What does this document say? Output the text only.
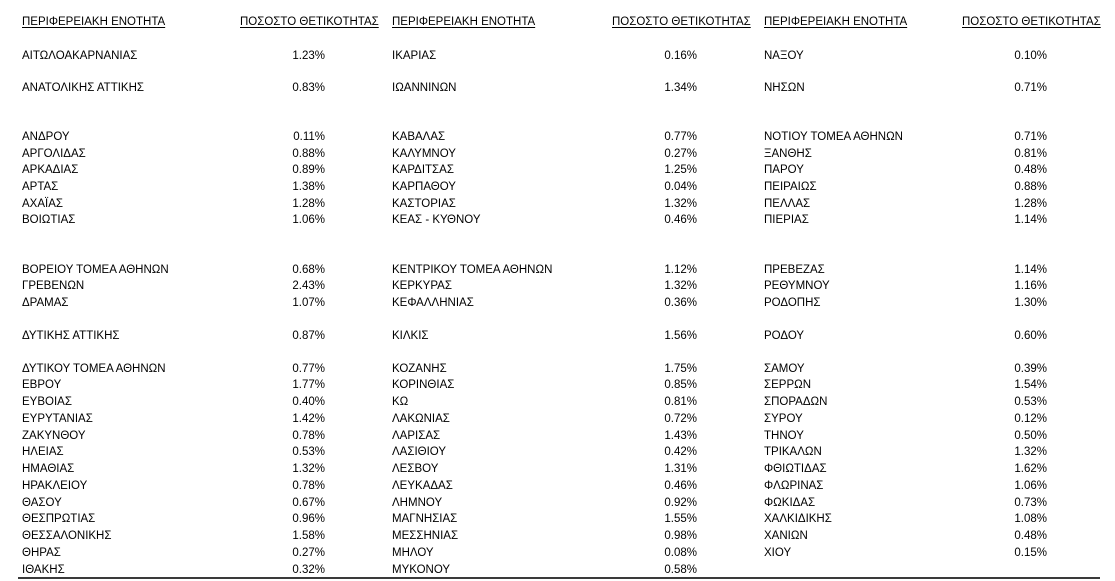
ΠΕΡΙΦΕΡΕΙΑΚΗ ΕΝΟΤΗΤΑ	ΠΟΣΟΣΤΟ ΘΕΤΙΚΟΤΗΤΑΣ
ΑΙΤΩΛΟΑΚΑΡΝΑΝΙΑΣ	1.23%
ΑΝΑΤΟΛΙΚΗΣ ΑΤΤΙΚΗΣ	0.83%
ΑΝΔΡΟΥ	0.11%
ΑΡΓΟΛΙΔΑΣ	0.88%
ΑΡΚΑΔΙΑΣ	0.89%
ΑΡΤΑΣ	1.38%
ΑΧΑΪΑΣ	1.28%
ΒΟΙΩΤΙΑΣ	1.06%
ΒΟΡΕΙΟΥ ΤΟΜΕΑ ΑΘΗΝΩΝ	0.68%
ΓΡΕΒΕΝΩΝ	2.43%
ΔΡΑΜΑΣ	1.07%
ΔΥΤΙΚΗΣ ΑΤΤΙΚΗΣ	0.87%
ΔΥΤΙΚΟΥ ΤΟΜΕΑ ΑΘΗΝΩΝ	0.77%
ΕΒΡΟΥ	1.77%
ΕΥΒΟΙΑΣ	0.40%
ΕΥΡΥΤΑΝΙΑΣ	1.42%
ΖΑΚΥΝΘΟΥ	0.78%
ΗΛΕΙΑΣ	0.53%
ΗΜΑΘΙΑΣ	1.32%
ΗΡΑΚΛΕΙΟΥ	0.78%
ΘΑΣΟΥ	0.67%
ΘΕΣΠΡΩΤΙΑΣ	0.96%
ΘΕΣΣΑΛΟΝΙΚΗΣ	1.58%
ΘΗΡΑΣ	0.27%
ΙΘΑΚΗΣ	0.32%
ΠΕΡΙΦΕΡΕΙΑΚΗ ΕΝΟΤΗΤΑ	ΠΟΣΟΣΤΟ ΘΕΤΙΚΟΤΗΤΑΣ
ΙΚΑΡΙΑΣ	0.16%
ΙΩΑΝΝΙΝΩΝ	1.34%
ΚΑΒΑΛΑΣ	0.77%
ΚΑΛΥΜΝΟΥ	0.27%
ΚΑΡΔΙΤΣΑΣ	1.25%
ΚΑΡΠΑΘΟΥ	0.04%
ΚΑΣΤΟΡΙΑΣ	1.32%
ΚΕΑΣ - ΚΥΘΝΟΥ	0.46%
ΚΕΝΤΡΙΚΟΥ ΤΟΜΕΑ ΑΘΗΝΩΝ	1.12%
ΚΕΡΚΥΡΑΣ	1.32%
ΚΕΦΑΛΛΗΝΙΑΣ	0.36%
ΚΙΛΚΙΣ	1.56%
ΚΟΖΑΝΗΣ	1.75%
ΚΟΡΙΝΘΙΑΣ	0.85%
ΚΩ	0.81%
ΛΑΚΩΝΙΑΣ	0.72%
ΛΑΡΙΣΑΣ	1.43%
ΛΑΣΙΘΙΟΥ	0.42%
ΛΕΣΒΟΥ	1.31%
ΛΕΥΚΑΔΑΣ	0.46%
ΛΗΜΝΟΥ	0.92%
ΜΑΓΝΗΣΙΑΣ	1.55%
ΜΕΣΣΗΝΙΑΣ	0.98%
ΜΗΛΟΥ	0.08%
ΜΥΚΟΝΟΥ	0.58%
ΠΕΡΙΦΕΡΕΙΑΚΗ ΕΝΟΤΗΤΑ	ΠΟΣΟΣΤΟ ΘΕΤΙΚΟΤΗΤΑΣ
ΝΑΞΟΥ	0.10%
ΝΗΣΩΝ	0.71%
ΝΟΤΙΟΥ ΤΟΜΕΑ ΑΘΗΝΩΝ	0.71%
ΞΑΝΘΗΣ	0.81%
ΠΑΡΟΥ	0.48%
ΠΕΙΡΑΙΩΣ	0.88%
ΠΕΛΛΑΣ	1.28%
ΠΙΕΡΙΑΣ	1.14%
ΠΡΕΒΕΖΑΣ	1.14%
ΡΕΘΥΜΝΟΥ	1.16%
ΡΟΔΟΠΗΣ	1.30%
ΡΟΔΟΥ	0.60%
ΣΑΜΟΥ	0.39%
ΣΕΡΡΩΝ	1.54%
ΣΠΟΡΑΔΩΝ	0.53%
ΣΥΡΟΥ	0.12%
ΤΗΝΟΥ	0.50%
ΤΡΙΚΑΛΩΝ	1.32%
ΦΘΙΩΤΙΔΑΣ	1.62%
ΦΛΩΡΙΝΑΣ	1.06%
ΦΩΚΙΔΑΣ	0.73%
ΧΑΛΚΙΔΙΚΗΣ	1.08%
ΧΑΝΙΩΝ	0.48%
ΧΙΟΥ	0.15%
